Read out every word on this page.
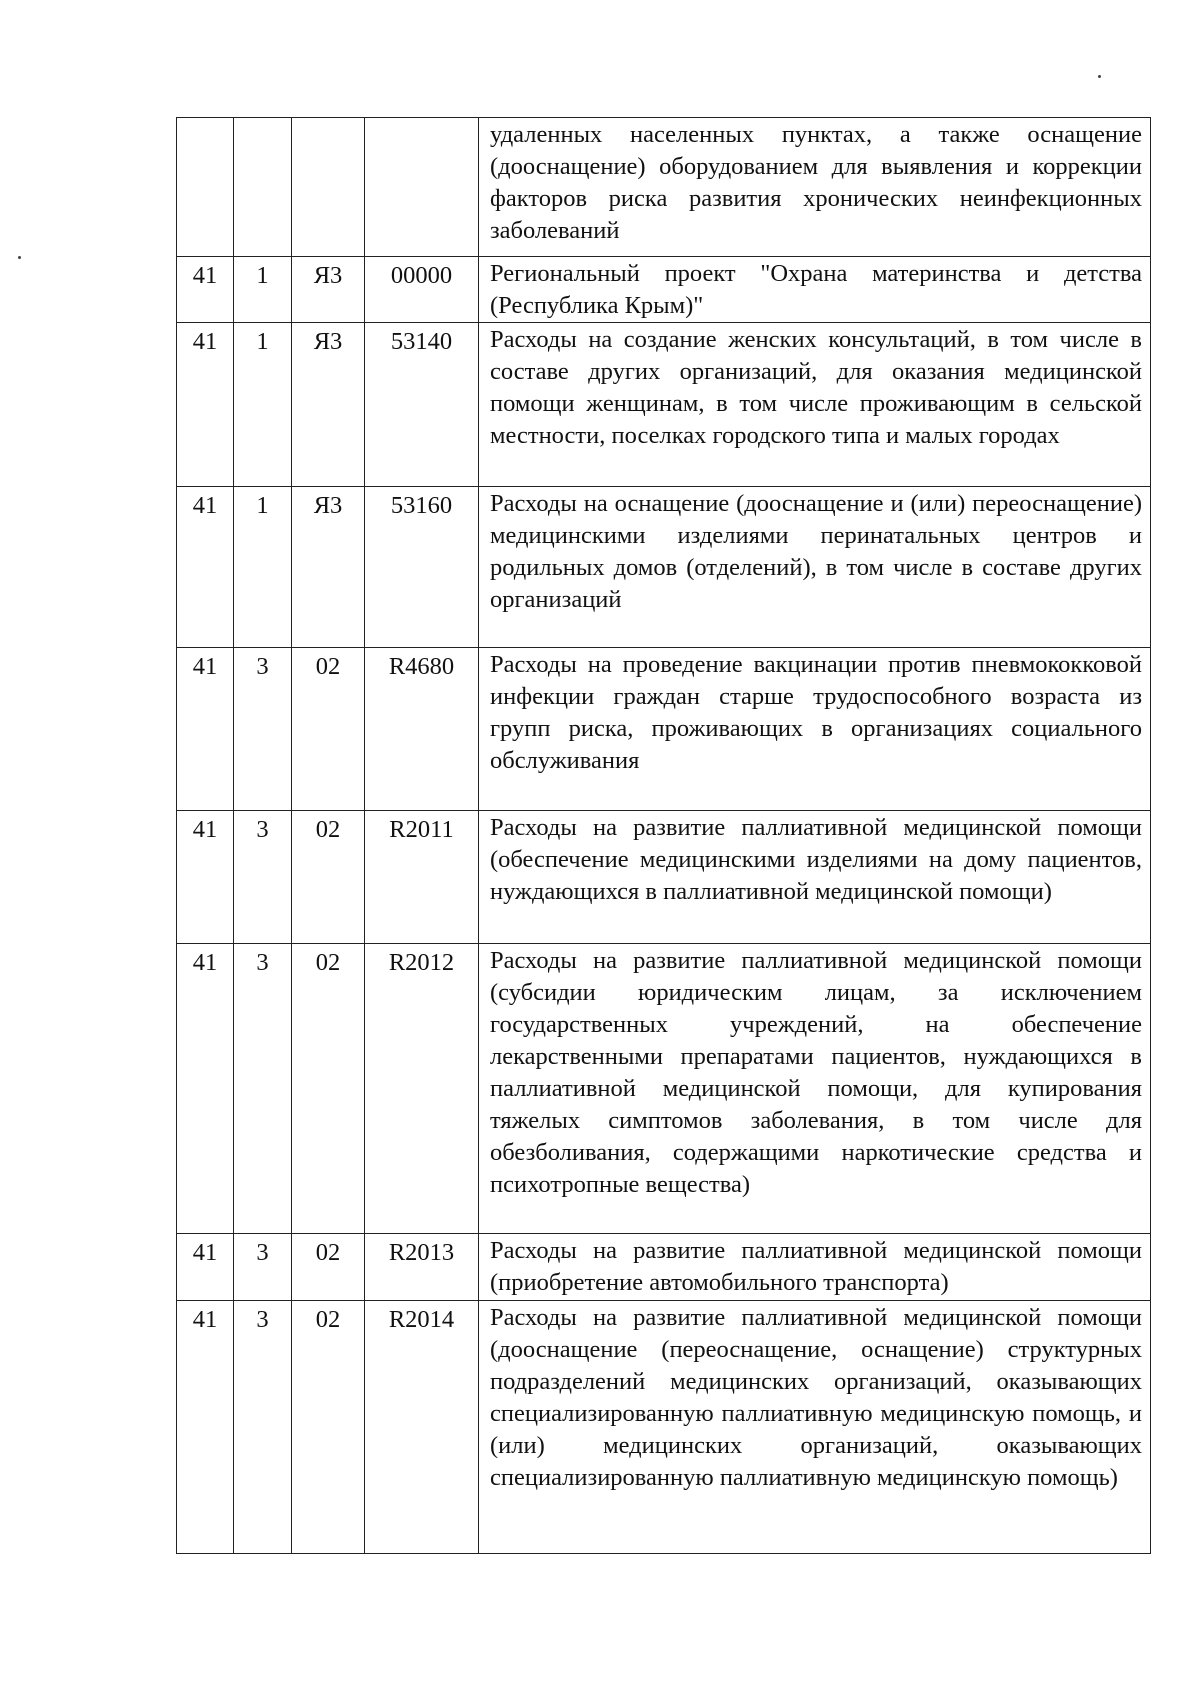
				удаленных населенных пунктах, а также оснащение (дооснащение) оборудованием для выявления и коррекции факторов риска развития хронических неинфекционных заболеваний
41	1	Я3	00000	Региональный проект "Охрана материнства и детства (Республика Крым)"
41	1	Я3	53140	Расходы на создание женских консультаций, в том числе в составе других организаций, для оказания медицинской помощи женщинам, в том числе проживающим в сельской местности, поселках городского типа и малых городах
41	1	Я3	53160	Расходы на оснащение (дооснащение и (или) переоснащение) медицинскими изделиями перинатальных центров и родильных домов (отделений), в том числе в составе других организаций
41	3	02	R4680	Расходы на проведение вакцинации против пневмококковой инфекции граждан старше трудоспособного возраста из групп риска, проживающих в организациях социального обслуживания
41	3	02	R2011	Расходы на развитие паллиативной медицинской помощи (обеспечение медицинскими изделиями на дому пациентов, нуждающихся в паллиативной медицинской помощи)
41	3	02	R2012	Расходы на развитие паллиативной медицинской помощи (субсидии юридическим лицам, за исключением государственных учреждений, на обеспечение лекарственными препаратами пациентов, нуждающихся в паллиативной медицинской помощи, для купирования тяжелых симптомов заболевания, в том числе для обезболивания, содержащими наркотические средства и психотропные вещества)
41	3	02	R2013	Расходы на развитие паллиативной медицинской помощи (приобретение автомобильного транспорта)
41	3	02	R2014	Расходы на развитие паллиативной медицинской помощи (дооснащение (переоснащение, оснащение) структурных подразделений медицинских организаций, оказывающих специализированную паллиативную медицинскую помощь, и (или) медицинских организаций, оказывающих специализированную паллиативную медицинскую помощь)
